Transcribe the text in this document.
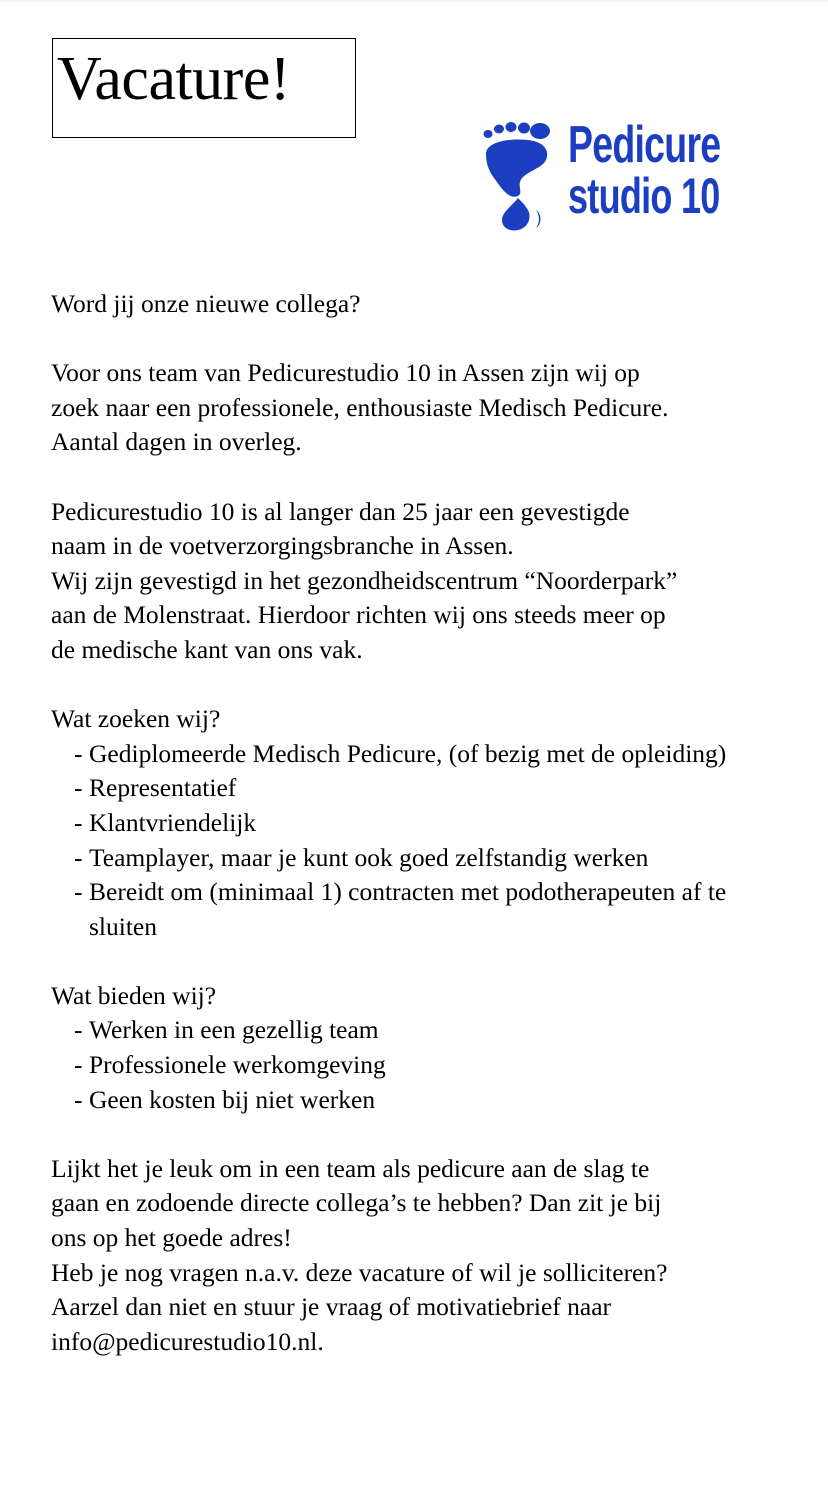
Vacature!
Pedicure
studio 10

Word jij onze nieuwe collega?

Voor ons team van Pedicurestudio 10 in Assen zijn wij op

zoek naar een professionele, enthousiaste Medisch Pedicure.

Aantal dagen in overleg.

Pedicurestudio 10 is al langer dan 25 jaar een gevestigde

naam in de voetverzorgingsbranche in Assen.

Wij zijn gevestigd in het gezondheidscentrum “Noorderpark”

aan de Molenstraat. Hierdoor richten wij ons steeds meer op

de medische kant van ons vak.

Wat zoeken wij?

- Gediplomeerde Medisch Pedicure, (of bezig met de opleiding)
- Representatief
- Klantvriendelijk
- Teamplayer, maar je kunt ook goed zelfstandig werken
- Bereidt om (minimaal 1) contracten met podotherapeuten af te sluiten

Wat bieden wij?

- Werken in een gezellig team
- Professionele werkomgeving
- Geen kosten bij niet werken

Lijkt het je leuk om in een team als pedicure aan de slag te

gaan en zodoende directe collega’s te hebben? Dan zit je bij

ons op het goede adres!

Heb je nog vragen n.a.v. deze vacature of wil je solliciteren?

Aarzel dan niet en stuur je vraag of motivatiebrief naar

info@pedicurestudio10.nl.
